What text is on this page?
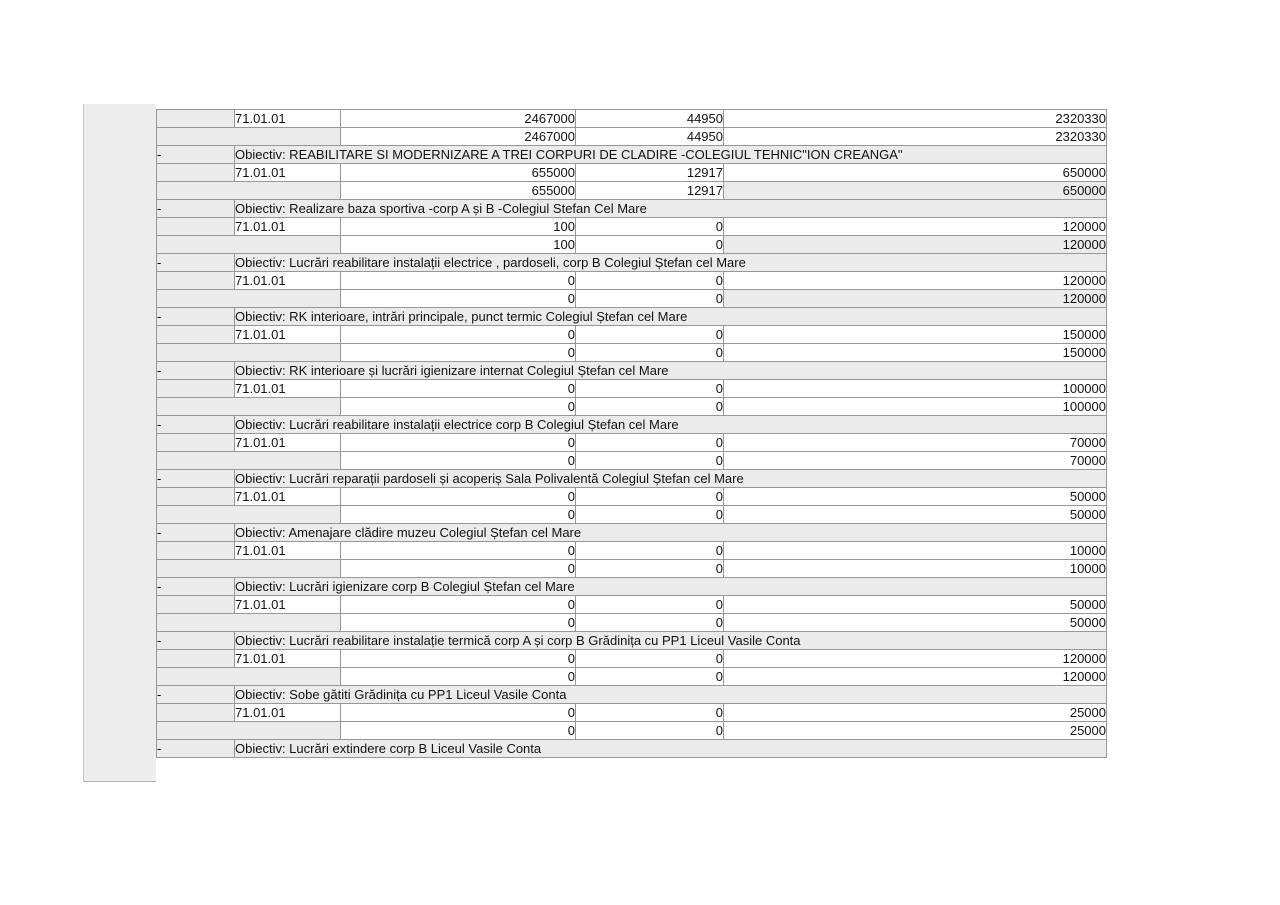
	71.01.01	2467000	44950	2320330
		2467000	44950	2320330
-	Obiectiv: REABILITARE SI MODERNIZARE A TREI CORPURI DE CLADIRE -COLEGIUL TEHNIC"ION CREANGA"			
	71.01.01	655000	12917	650000
		655000	12917	650000
-	Obiectiv: Realizare baza sportiva -corp A și B -Colegiul Stefan Cel Mare			
	71.01.01	100	0	120000
		100	0	120000
-	Obiectiv: Lucrări reabilitare instalații electrice , pardoseli, corp B Colegiul Ștefan cel Mare			
	71.01.01	0	0	120000
		0	0	120000
-	Obiectiv: RK interioare, intrări principale, punct termic Colegiul Ștefan cel Mare			
	71.01.01	0	0	150000
		0	0	150000
-	Obiectiv: RK interioare și lucrări igienizare internat Colegiul Ștefan cel Mare			
	71.01.01	0	0	100000
		0	0	100000
-	Obiectiv: Lucrări reabilitare instalații electrice corp B Colegiul Ștefan cel Mare			
	71.01.01	0	0	70000
		0	0	70000
-	Obiectiv: Lucrări reparații pardoseli și acoperiș Sala Polivalentă Colegiul Ștefan cel Mare			
	71.01.01	0	0	50000
		0	0	50000
-	Obiectiv: Amenajare clădire muzeu Colegiul Ștefan cel Mare			
	71.01.01	0	0	10000
		0	0	10000
-	Obiectiv: Lucrări igienizare corp B Colegiul Ștefan cel Mare			
	71.01.01	0	0	50000
		0	0	50000
-	Obiectiv: Lucrări reabilitare instalație termică corp A și corp B Grădinița cu PP1 Liceul Vasile Conta			
	71.01.01	0	0	120000
		0	0	120000
-	Obiectiv: Sobe gătiti Grădinița cu PP1 Liceul Vasile Conta			
	71.01.01	0	0	25000
		0	0	25000
-	Obiectiv: Lucrări extindere corp B Liceul Vasile Conta			
